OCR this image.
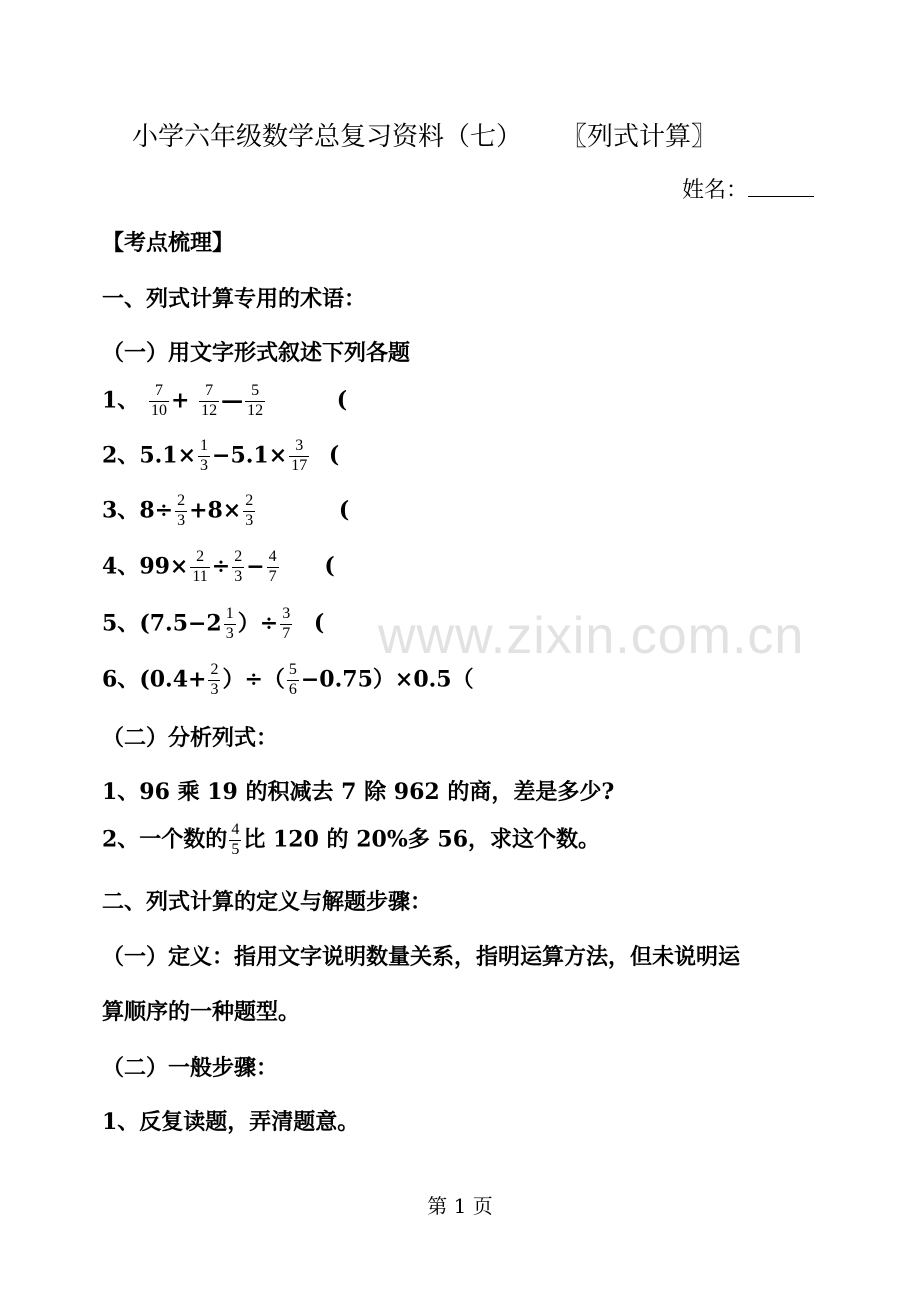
小学六年级数学总复习资料（七） 〖列式计算〗
姓名：
【考点梳理】
一、列式计算专用的术语：
（一）用文字形式叙述下列各题
1、 $\frac{7}{10} + \frac{7}{12}$ — $\frac{5}{12}$	(
2、$5.1\times \frac{1}{3} -5.1\times \frac{3}{17}$ (
3、$8\div \frac{2}{3} +8\times \frac{2}{3}$	(
4、$99\times \frac{2}{11} \div \frac{2}{3} - \frac{4}{7}$ (
5、($7.5-2 \frac{1}{3}$ ）÷ $\frac{3}{7}$ (
6、($0.4+ \frac{2}{3}$ ）÷（ $\frac{5}{6} -0.75)\times 0.5$（
（二）分析列式：
1、96 乘 19 的积减去 7 除 962 的商，差是多少?
2、一个数的 $\frac{4}{5}$ 比 120 的 20%多 56，求这个数。
二、列式计算的定义与解题步骤：
（一）定义：指用文字说明数量关系，指明运算方法，但未说明运
算顺序的一种题型。
（二）一般步骤：
1、反复读题，弄清题意。
www.zixin.com.cn
第 1 页
